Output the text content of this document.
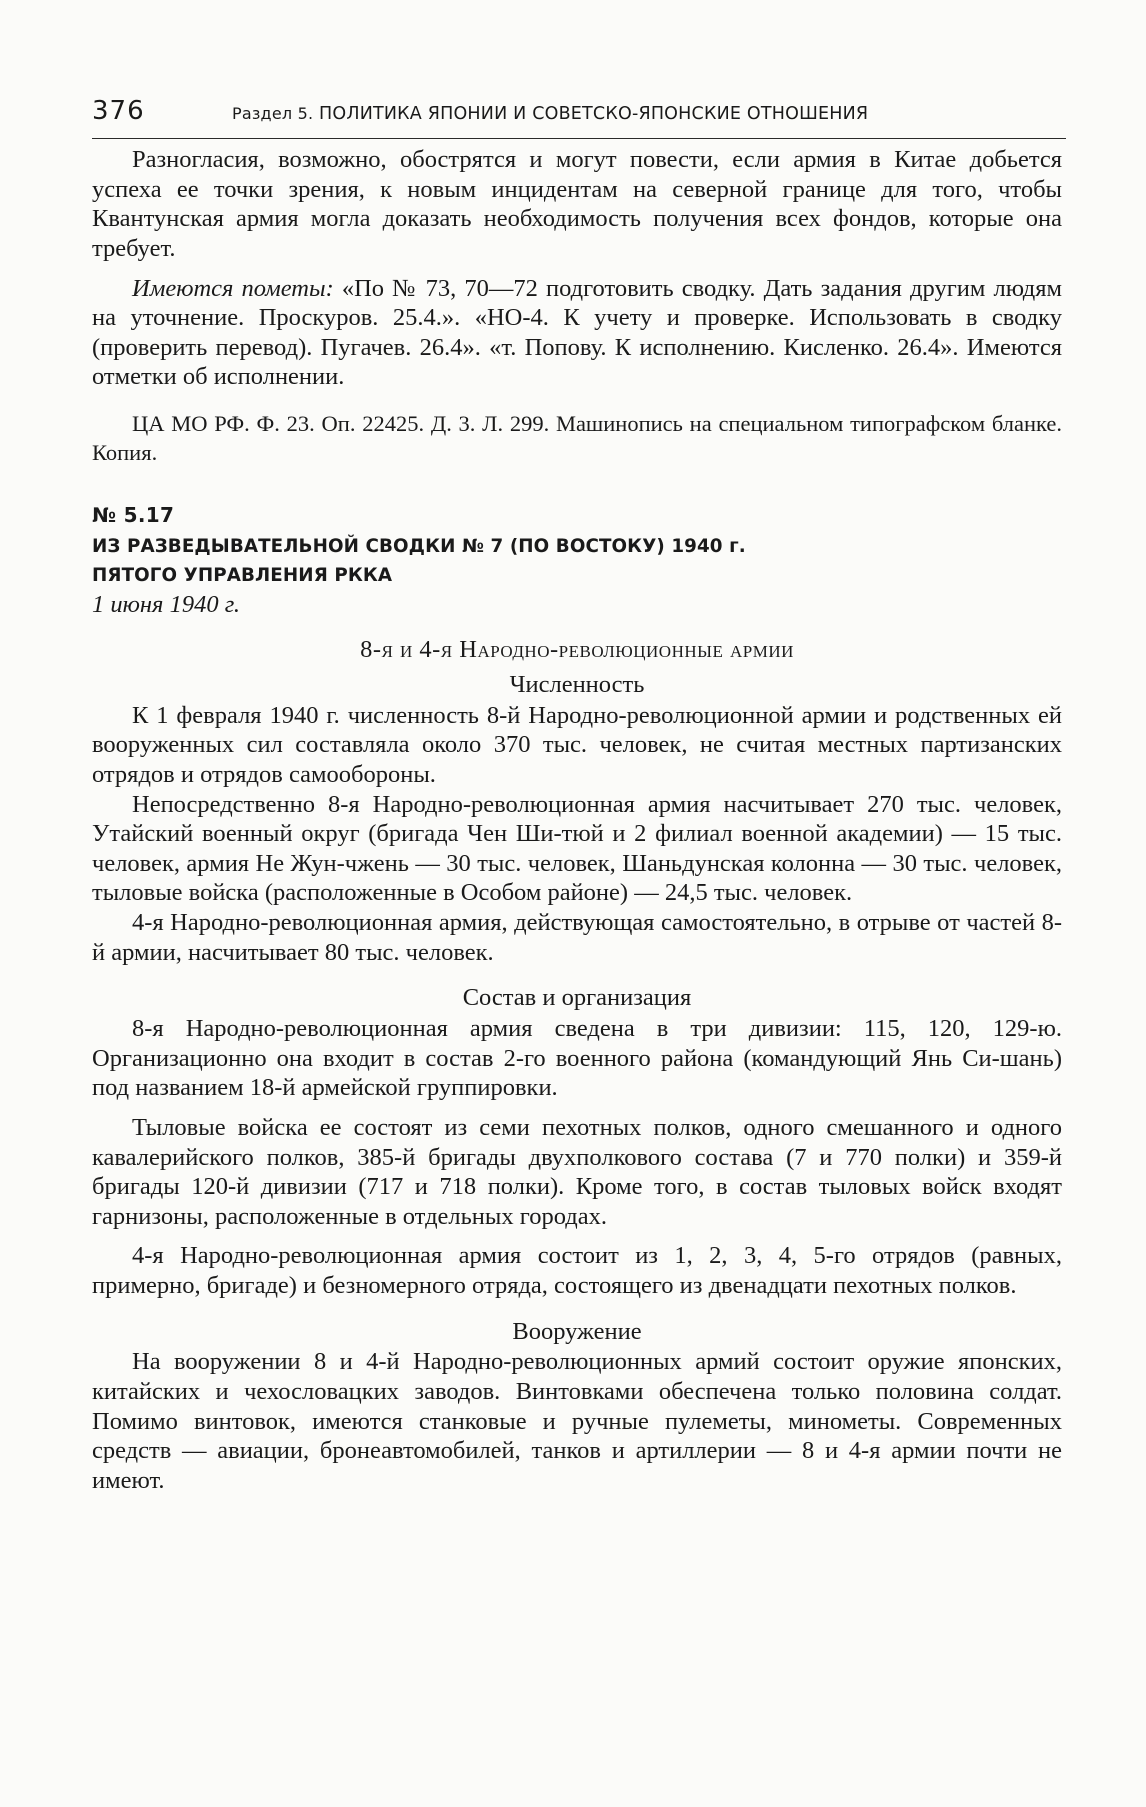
376	Раздел 5. ПОЛИТИКА ЯПОНИИ И СОВЕТСКО-ЯПОНСКИЕ ОТНОШЕНИЯ

Разногласия, возможно, обострятся и могут повести, если армия в Китае добьется успеха ее точки зрения, к новым инцидентам на северной границе для того, чтобы Квантунская армия могла доказать необходимость получения всех фондов, которые она требует.

Имеются пометы: «По № 73, 70—72 подготовить сводку. Дать задания другим людям на уточнение. Проскуров. 25.4.». «НО-4. К учету и проверке. Использовать в сводку (проверить перевод). Пугачев. 26.4». «т. Попову. К исполнению. Кисленко. 26.4». Имеются отметки об исполнении.

ЦА МО РФ. Ф. 23. Оп. 22425. Д. 3. Л. 299. Машинопись на специальном типографском бланке. Копия.

№ 5.17
ИЗ РАЗВЕДЫВАТЕЛЬНОЙ СВОДКИ № 7 (ПО ВОСТОКУ) 1940 г.
ПЯТОГО УПРАВЛЕНИЯ РККА
1 июня 1940 г.
8-я и 4-я Народно-революционные армии
Численность

К 1 февраля 1940 г. численность 8-й Народно-революционной армии и родственных ей вооруженных сил составляла около 370 тыс. человек, не считая местных партизанских отрядов и отрядов самообороны.

Непосредственно 8-я Народно-революционная армия насчитывает 270 тыс. человек, Утайский военный округ (бригада Чен Ши-тюй и 2 филиал военной академии) — 15 тыс. человек, армия Не Жун-чжень — 30 тыс. человек, Шаньдунская колонна — 30 тыс. человек, тыловые войска (расположенные в Особом районе) — 24,5 тыс. человек.

4-я Народно-революционная армия, действующая самостоятельно, в отрыве от частей 8-й армии, насчитывает 80 тыс. человек.

Состав и организация

8-я Народно-революционная армия сведена в три дивизии: 115, 120, 129-ю. Организационно она входит в состав 2-го военного района (командующий Янь Си-шань) под названием 18-й армейской группировки.

Тыловые войска ее состоят из семи пехотных полков, одного смешанного и одного кавалерийского полков, 385-й бригады двухполкового состава (7 и 770 полки) и 359-й бригады 120-й дивизии (717 и 718 полки). Кроме того, в состав тыловых войск входят гарнизоны, расположенные в отдельных городах.

4-я Народно-революционная армия состоит из 1, 2, 3, 4, 5-го отрядов (равных, примерно, бригаде) и безномерного отряда, состоящего из двенадцати пехотных полков.

Вооружение

На вооружении 8 и 4-й Народно-революционных армий состоит оружие японских, китайских и чехословацких заводов. Винтовками обеспечена только половина солдат. Помимо винтовок, имеются станковые и ручные пулеметы, минометы. Современных средств — авиации, бронеавтомобилей, танков и артиллерии — 8 и 4-я армии почти не имеют.
